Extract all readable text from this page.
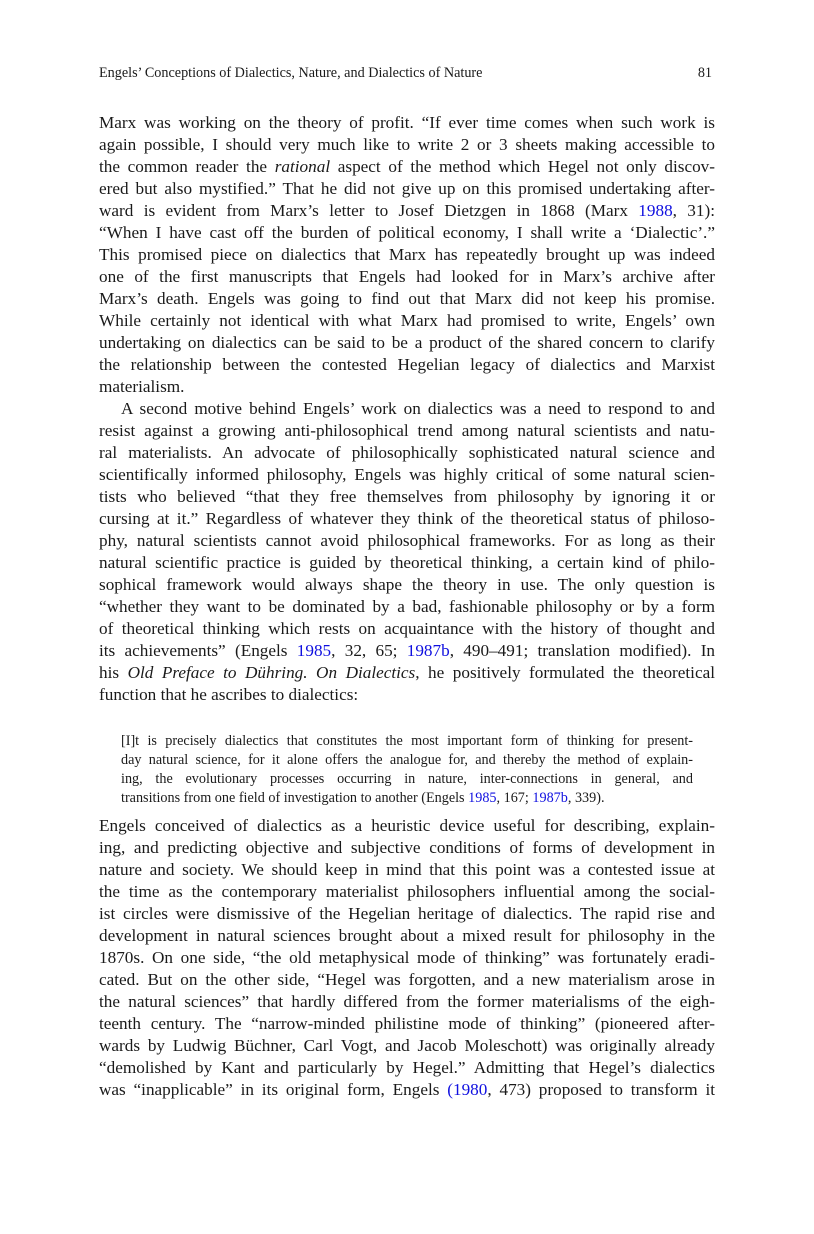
Engels’ Conceptions of Dialectics, Nature, and Dialectics of Nature	81
Marx was working on the theory of profit. “If ever time comes when such work is
again possible, I should very much like to write 2 or 3 sheets making accessible to
the common reader the rational aspect of the method which Hegel not only discov-
ered but also mystified.” That he did not give up on this promised undertaking after-
ward is evident from Marx’s letter to Josef Dietzgen in 1868 (Marx 1988, 31):
“When I have cast off the burden of political economy, I shall write a ‘Dialectic’.”
This promised piece on dialectics that Marx has repeatedly brought up was indeed
one of the first manuscripts that Engels had looked for in Marx’s archive after
Marx’s death. Engels was going to find out that Marx did not keep his promise.
While certainly not identical with what Marx had promised to write, Engels’ own
undertaking on dialectics can be said to be a product of the shared concern to clarify
the relationship between the contested Hegelian legacy of dialectics and Marxist
materialism.
A second motive behind Engels’ work on dialectics was a need to respond to and
resist against a growing anti-philosophical trend among natural scientists and natu-
ral materialists. An advocate of philosophically sophisticated natural science and
scientifically informed philosophy, Engels was highly critical of some natural scien-
tists who believed “that they free themselves from philosophy by ignoring it or
cursing at it.” Regardless of whatever they think of the theoretical status of philoso-
phy, natural scientists cannot avoid philosophical frameworks. For as long as their
natural scientific practice is guided by theoretical thinking, a certain kind of philo-
sophical framework would always shape the theory in use. The only question is
“whether they want to be dominated by a bad, fashionable philosophy or by a form
of theoretical thinking which rests on acquaintance with the history of thought and
its achievements” (Engels 1985, 32, 65; 1987b, 490–491; translation modified). In
his Old Preface to Dühring. On Dialectics, he positively formulated the theoretical
function that he ascribes to dialectics:
[I]t is precisely dialectics that constitutes the most important form of thinking for present-
day natural science, for it alone offers the analogue for, and thereby the method of explain-
ing, the evolutionary processes occurring in nature, inter-connections in general, and
transitions from one field of investigation to another (Engels 1985, 167; 1987b, 339).
Engels conceived of dialectics as a heuristic device useful for describing, explain-
ing, and predicting objective and subjective conditions of forms of development in
nature and society. We should keep in mind that this point was a contested issue at
the time as the contemporary materialist philosophers influential among the social-
ist circles were dismissive of the Hegelian heritage of dialectics. The rapid rise and
development in natural sciences brought about a mixed result for philosophy in the
1870s. On one side, “the old metaphysical mode of thinking” was fortunately eradi-
cated. But on the other side, “Hegel was forgotten, and a new materialism arose in
the natural sciences” that hardly differed from the former materialisms of the eigh-
teenth century. The “narrow-minded philistine mode of thinking” (pioneered after-
wards by Ludwig Büchner, Carl Vogt, and Jacob Moleschott) was originally already
“demolished by Kant and particularly by Hegel.” Admitting that Hegel’s dialectics
was “inapplicable” in its original form, Engels (1980, 473) proposed to transform it
